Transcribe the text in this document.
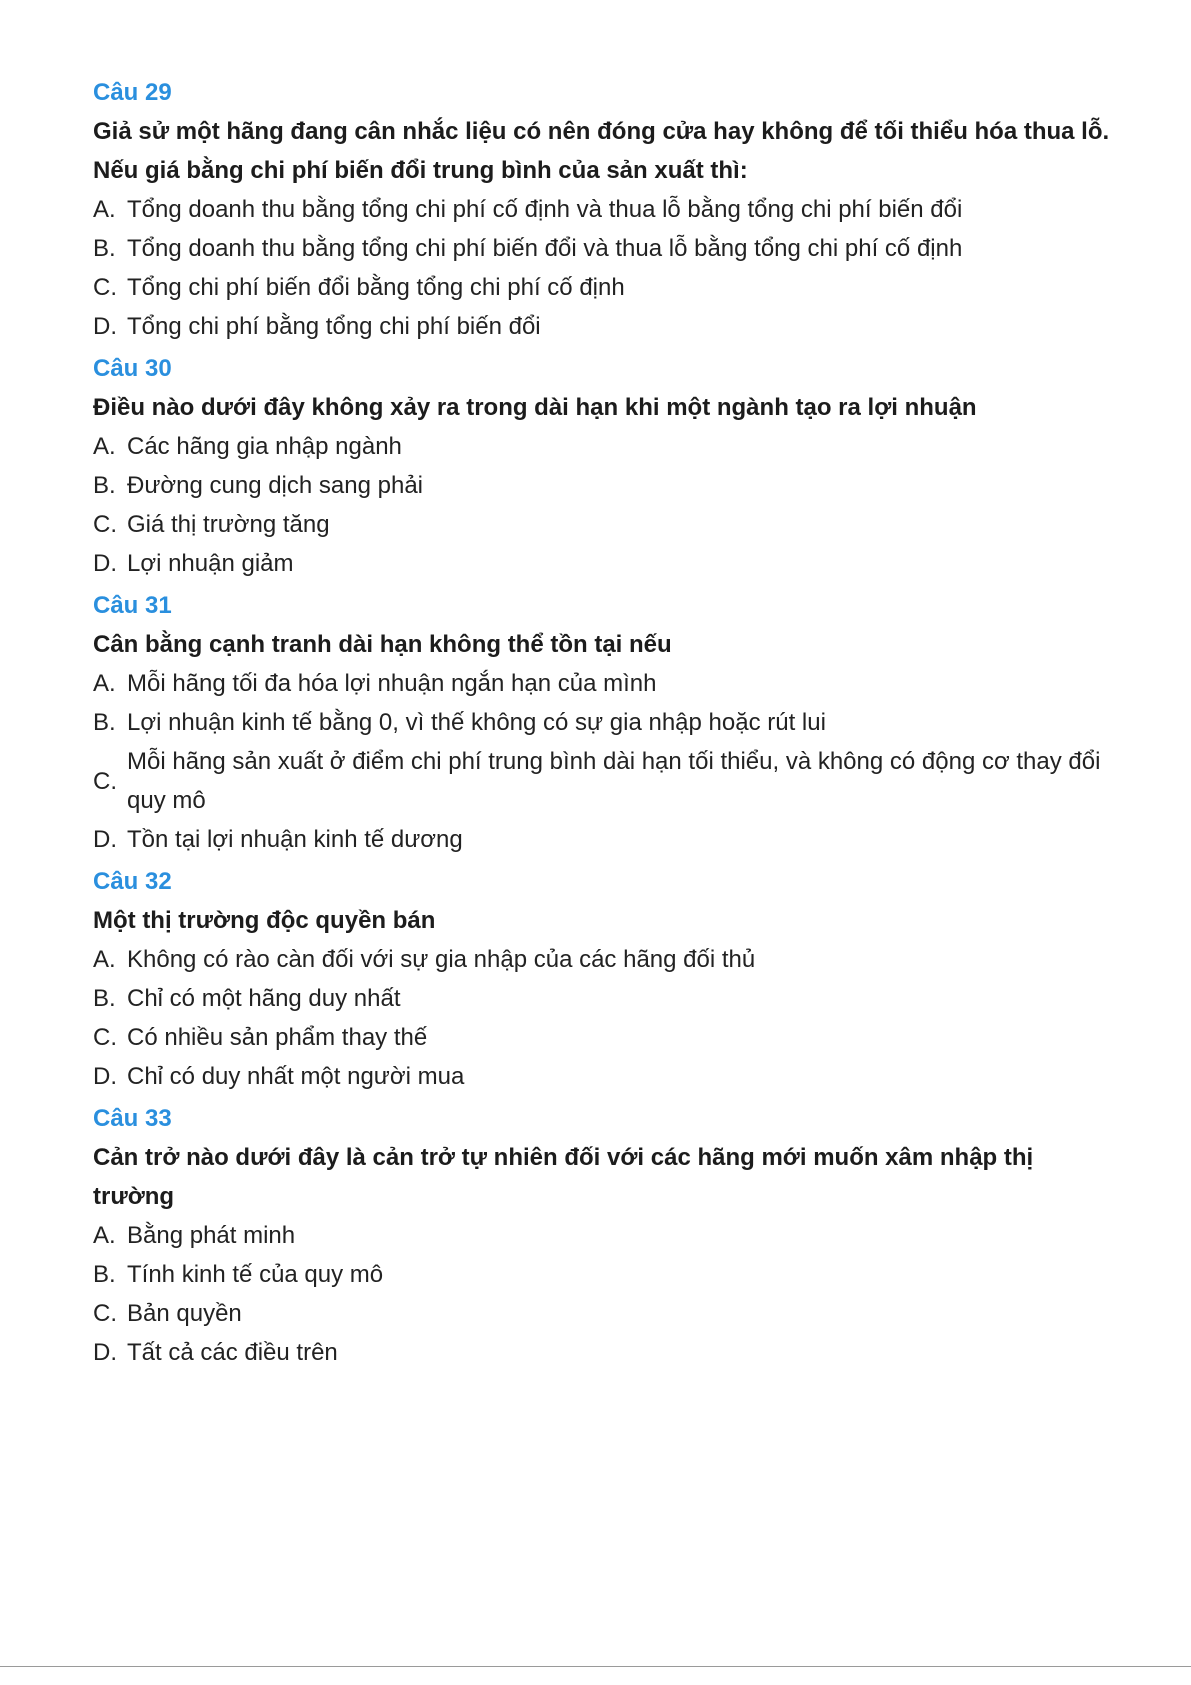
Câu 29
Giả sử một hãng đang cân nhắc liệu có nên đóng cửa hay không để tối thiểu hóa thua lỗ. Nếu giá bằng chi phí biến đổi trung bình của sản xuất thì:
A. Tổng doanh thu bằng tổng chi phí cố định và thua lỗ bằng tổng chi phí biến đổi
B. Tổng doanh thu bằng tổng chi phí biến đổi và thua lỗ bằng tổng chi phí cố định
C. Tổng chi phí biến đổi bằng tổng chi phí cố định
D. Tổng chi phí bằng tổng chi phí biến đổi
Câu 30
Điều nào dưới đây không xảy ra trong dài hạn khi một ngành tạo ra lợi nhuận
A. Các hãng gia nhập ngành
B. Đường cung dịch sang phải
C. Giá thị trường tăng
D. Lợi nhuận giảm
Câu 31
Cân bằng cạnh tranh dài hạn không thể tồn tại nếu
A. Mỗi hãng tối đa hóa lợi nhuận ngắn hạn của mình
B. Lợi nhuận kinh tế bằng 0, vì thế không có sự gia nhập hoặc rút lui
C.
Mỗi hãng sản xuất ở điểm chi phí trung bình dài hạn tối thiểu, và không có động cơ thay đổi quy mô
D. Tồn tại lợi nhuận kinh tế dương
Câu 32
Một thị trường độc quyền bán
A. Không có rào càn đối với sự gia nhập của các hãng đối thủ
B. Chỉ có một hãng duy nhất
C. Có nhiều sản phẩm thay thế
D. Chỉ có duy nhất một người mua
Câu 33
Cản trở nào dưới đây là cản trở tự nhiên đối với các hãng mới muốn xâm nhập thị trường
A. Bằng phát minh
B. Tính kinh tế của quy mô
C. Bản quyền
D. Tất cả các điều trên
